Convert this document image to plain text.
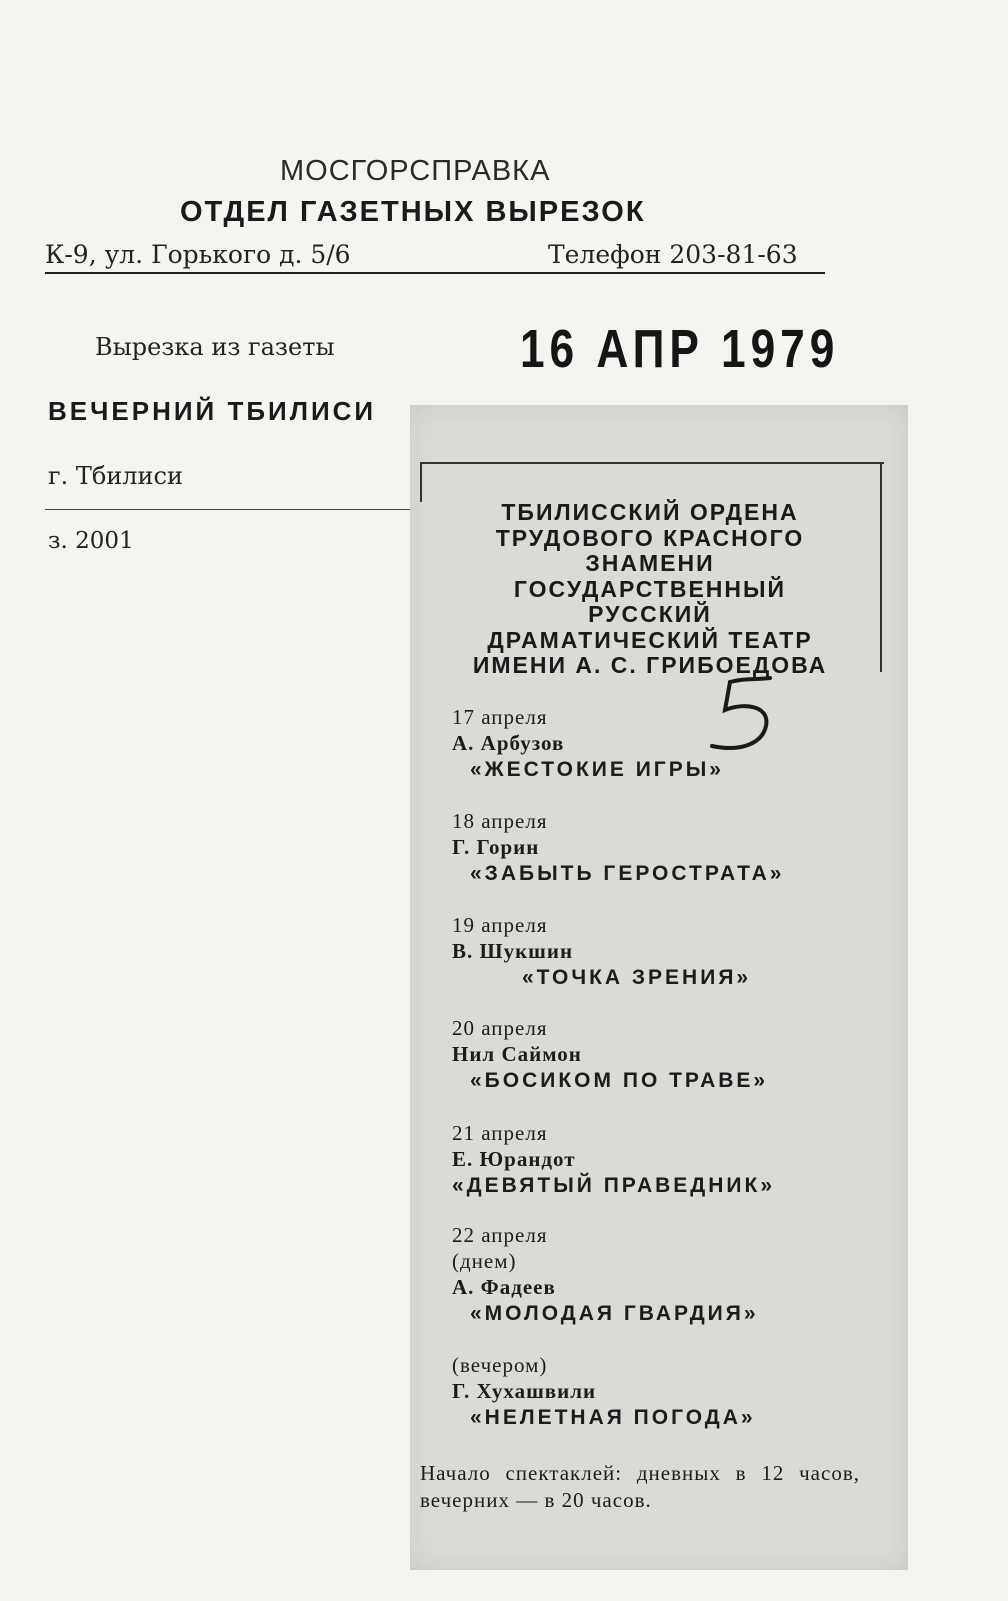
МОСГОРСПРАВКА
ОТДЕЛ ГАЗЕТНЫХ ВЫРЕЗОК
К-9, ул. Горького д. 5/6	Телефон 203-81-63
Вырезка из газеты	16 АПР 1979
ВЕЧЕРНИЙ ТБИЛИСИ
г. Тбилиси
з. 2001
ТБИЛИССКИЙ ОРДЕНА
ТРУДОВОГО КРАСНОГО
ЗНАМЕНИ
ГОСУДАРСТВЕННЫЙ
РУССКИЙ
ДРАМАТИЧЕСКИЙ ТЕАТР
ИМЕНИ А. С. ГРИБОЕДОВА
17 апреля
А. Арбузов
«ЖЕСТОКИЕ ИГРЫ»
18 апреля
Г. Горин
«ЗАБЫТЬ ГЕРОСТРАТА»
19 апреля
В. Шукшин
«ТОЧКА ЗРЕНИЯ»
20 апреля
Нил Саймон
«БОСИКОМ ПО ТРАВЕ»
21 апреля
Е. Юрандот
«ДЕВЯТЫЙ ПРАВЕДНИК»
22 апреля
(днем)
А. Фадеев
«МОЛОДАЯ ГВАРДИЯ»
(вечером)
Г. Хухашвили
«НЕЛЕТНАЯ ПОГОДА»
Начало спектаклей: дневных в 12 часов, вечерних — в 20 часов.
